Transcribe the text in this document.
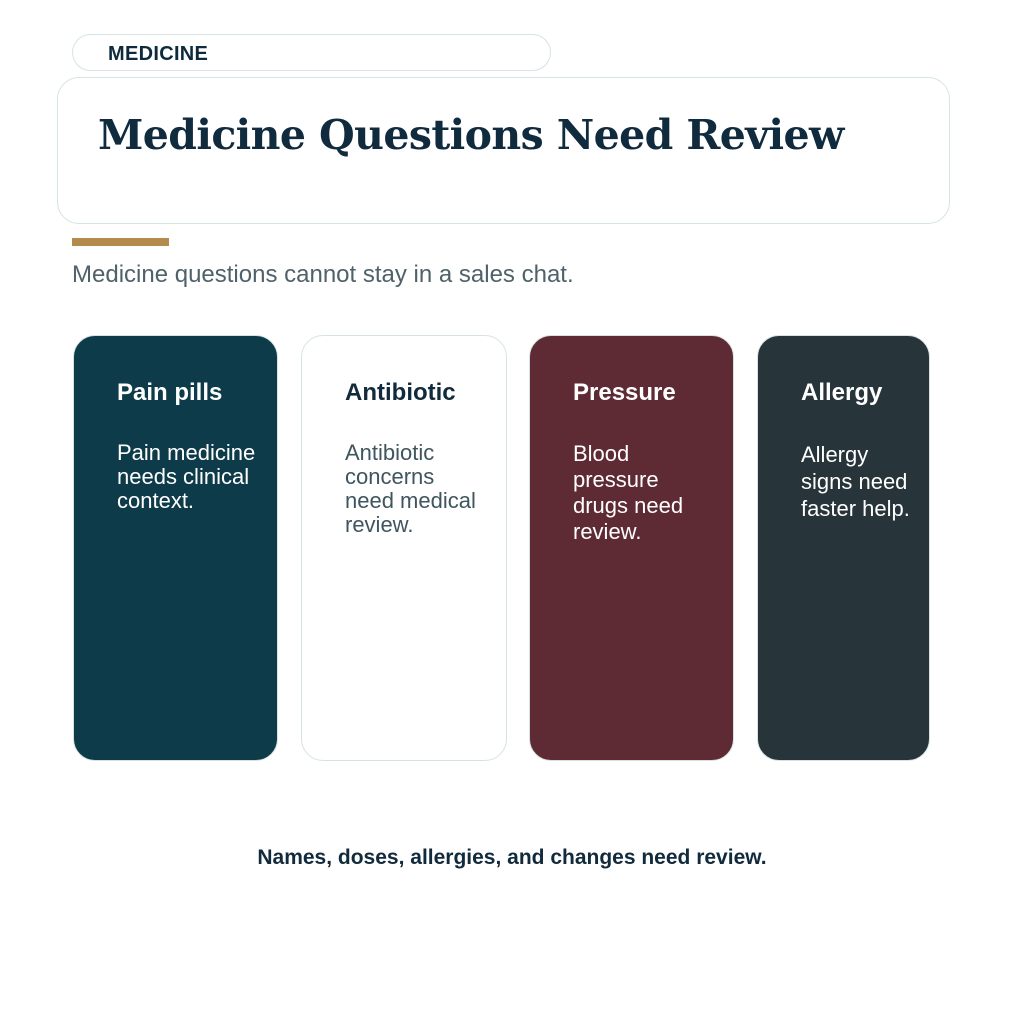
MEDICINE
Medicine Questions Need Review
Medicine questions cannot stay in a sales chat.
Pain pills
Pain medicine needs clinical context.
Antibiotic
Antibiotic concerns need medical review.
Pressure
Blood pressure drugs need review.
Allergy
Allergy signs need faster help.
Names, doses, allergies, and changes need review.
